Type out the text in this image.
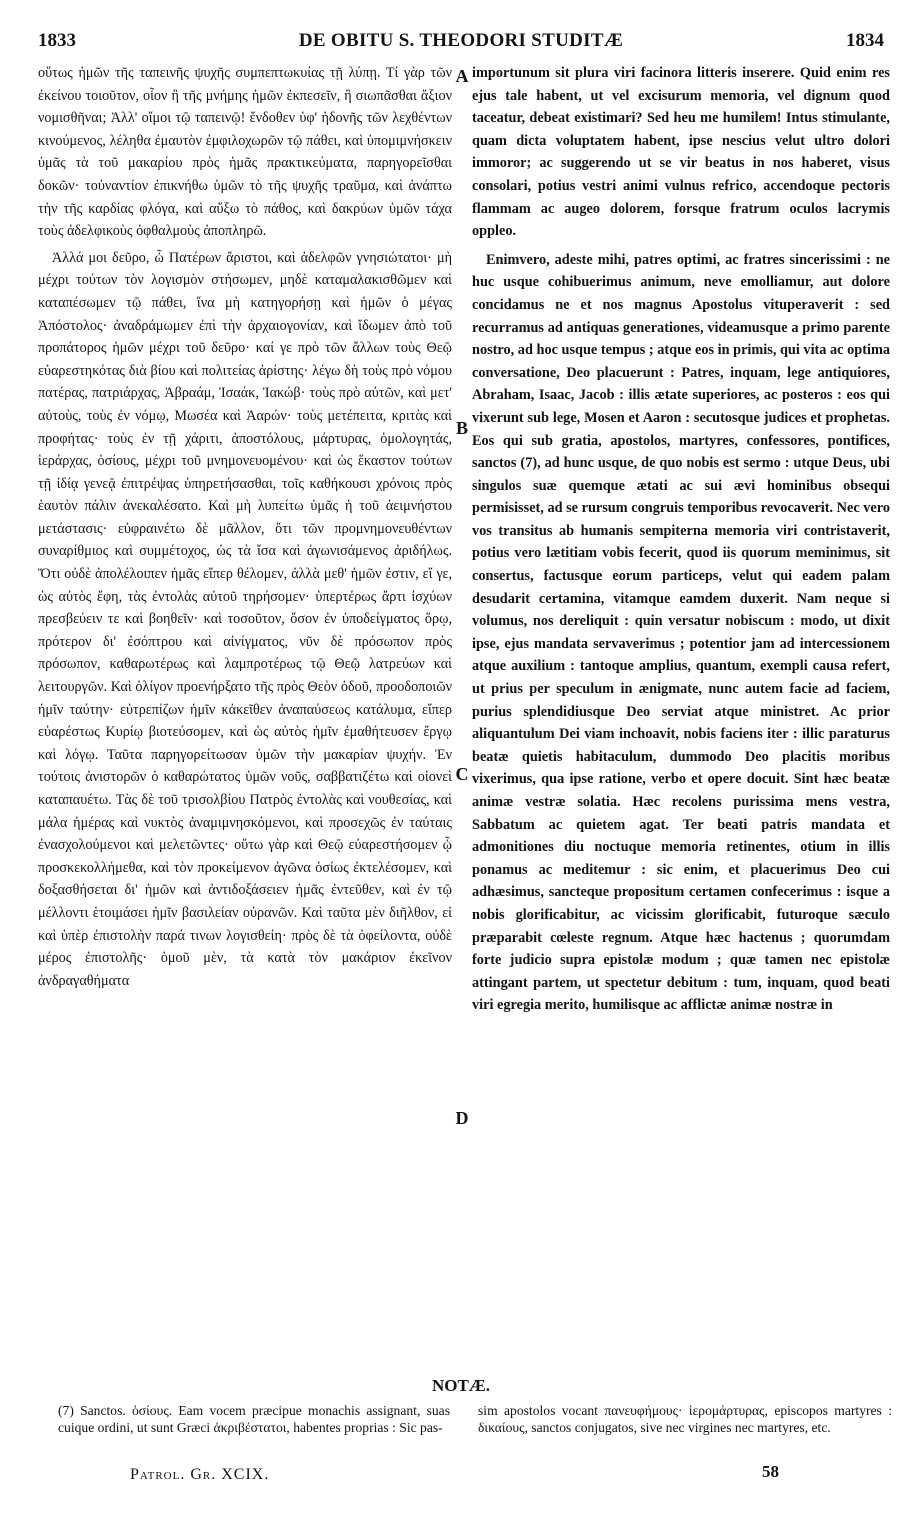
1833	DE OBITU S. THEODORI STUDITÆ	1834

οὕτως ἡμῶν τῆς ταπεινῆς ψυχῆς συμπεπτωκυίας τῇ λύπῃ. Τί γὰρ τῶν ἐκείνου τοιοῦτον, οἷον ἢ τῆς μνήμης ἡμῶν ἐκπεσεῖν, ἢ σιωπᾶσθαι ἄξιον νομισθῆναι; Ἀλλ' οἴμοι τῷ ταπεινῷ! ἔνδοθεν ὑφ' ἡδονῆς τῶν λεχθέντων κινούμενος, λέληθα ἐμαυτὸν ἐμφιλοχωρῶν τῷ πάθει, καὶ ὑπομιμνήσκειν ὑμᾶς τὰ τοῦ μακαρίου πρὸς ἡμᾶς πρακτικεύματα, παρηγορεῖσθαι δοκῶν· τοὐναντίον ἐπικνήθω ὑμῶν τὸ τῆς ψυχῆς τραῦμα, καὶ ἀνάπτω τὴν τῆς καρδίας φλόγα, καὶ αὔξω τὸ πάθος, καὶ δακρύων ὑμῶν τάχα τοὺς ἀδελφικοὺς ὀφθαλμοὺς ἀποπληρῶ.

Ἀλλά μοι δεῦρο, ὦ Πατέρων ἄριστοι, καὶ ἀδελφῶν γνησιώτατοι· μὴ μέχρι τούτων τὸν λογισμὸν στήσωμεν, μηδὲ καταμαλακισθῶμεν καὶ καταπέσωμεν τῷ πάθει, ἵνα μὴ κατηγορήσῃ καὶ ἡμῶν ὁ μέγας Ἀπόστολος· ἀναδράμωμεν ἐπὶ τὴν ἀρχαιογονίαν, καὶ ἴδωμεν ἀπὸ τοῦ προπάτορος ἡμῶν μέχρι τοῦ δεῦρο· καί γε πρὸ τῶν ἄλλων τοὺς Θεῷ εὐαρεστηκότας διὰ βίου καὶ πολιτείας ἀρίστης· λέγω δὴ τοὺς πρὸ νόμου πατέρας, πατριάρχας, Ἀβραάμ, Ἰσαάκ, Ἰακώβ· τοὺς πρὸ αὐτῶν, καὶ μετ' αὐτοὺς, τοὺς ἐν νόμῳ, Μωσέα καὶ Ἀαρών· τοὺς μετέπειτα, κριτὰς καὶ προφήτας· τοὺς ἐν τῇ χάριτι, ἀποστόλους, μάρτυρας, ὁμολογητάς, ἱεράρχας, ὁσίους, μέχρι τοῦ μνημονευομένου· καὶ ὡς ἕκαστον τούτων τῇ ἰδίᾳ γενεᾷ ἐπιτρέψας ὑπηρετήσασθαι, τοῖς καθήκουσι χρόνοις πρὸς ἑαυτὸν πάλιν ἀνεκαλέσατο. Καὶ μὴ λυπείτω ὑμᾶς ἡ τοῦ ἀειμνήστου μετάστασις· εὐφραινέτω δὲ μᾶλλον, ὅτι τῶν προμνημονευθέντων συναρίθμιος καὶ συμμέτοχος, ὡς τὰ ἴσα καὶ ἀγωνισάμενος ἀριδήλως. Ὅτι οὐδὲ ἀπολέλοιπεν ἡμᾶς εἴπερ θέλομεν, ἀλλὰ μεθ' ἡμῶν ἐστιν, εἴ γε, ὡς αὐτὸς ἔφη, τὰς ἐντολὰς αὐτοῦ τηρήσομεν· ὑπερτέρως ἄρτι ἰσχύων πρεσβεύειν τε καὶ βοηθεῖν· καὶ τοσοῦτον, ὅσον ἐν ὑποδείγματος ὅρῳ, πρότερον δι' ἐσόπτρου καὶ αἰνίγματος, νῦν δὲ πρόσωπον πρὸς πρόσωπον, καθαρωτέρως καὶ λαμπροτέρως τῷ Θεῷ λατρεύων καὶ λειτουργῶν. Καὶ ὀλίγον προενήρξατο τῆς πρὸς Θεὸν ὁδοῦ, προοδοποιῶν ἡμῖν ταύτην· εὐτρεπίζων ἡμῖν κἀκεῖθεν ἀναπαύσεως κατάλυμα, εἴπερ εὐαρέστως Κυρίῳ βιοτεύσομεν, καὶ ὡς αὐτὸς ἡμῖν ἐμαθήτευσεν ἔργῳ καὶ λόγῳ. Ταῦτα παρηγορείτωσαν ὑμῶν τὴν μακαρίαν ψυχήν. Ἐν τούτοις ἀνιστορῶν ὁ καθαρώτατος ὑμῶν νοῦς, σαββατιζέτω καὶ οἱονεὶ καταπαυέτω. Τὰς δὲ τοῦ τρισολβίου Πατρὸς ἐντολὰς καὶ νουθεσίας, καὶ μάλα ἡμέρας καὶ νυκτὸς ἀναμιμνησκόμενοι, καὶ προσεχῶς ἐν ταύταις ἐνασχολούμενοι καὶ μελετῶντες· οὕτω γὰρ καὶ Θεῷ εὐαρεστήσομεν ᾧ προσκεκολλήμεθα, καὶ τὸν προκείμενον ἀγῶνα ὁσίως ἐκτελέσομεν, καὶ δοξασθήσεται δι' ἡμῶν καὶ ἀντιδοξάσειεν ἡμᾶς ἐντεῦθεν, καὶ ἐν τῷ μέλλοντι ἑτοιμάσει ἡμῖν βασιλείαν οὐρανῶν. Καὶ ταῦτα μὲν διῆλθον, εἰ καὶ ὑπὲρ ἐπιστολὴν παρά τινων λογισθείη· πρὸς δὲ τὰ ὀφείλοντα, οὐδὲ μέρος ἐπιστολῆς· ὁμοῦ μὲν, τὰ κατὰ τὸν μακάριον ἐκεῖνον ἀνδραγαθήματα

A
B
C
D

importunum sit plura viri facinora litteris inserere. Quid enim res ejus tale habent, ut vel excisurum memoria, vel dignum quod taceatur, debeat existimari? Sed heu me humilem! Intus stimulante, quam dicta voluptatem habent, ipse nescius velut ultro dolori immoror; ac suggerendo ut se vir beatus in nos haberet, visus consolari, potius vestri animi vulnus refrico, accendoque pectoris flammam ac augeo dolorem, forsque fratrum oculos lacrymis oppleo.

Enimvero, adeste mihi, patres optimi, ac fratres sincerissimi : ne huc usque cohibuerimus animum, neve emolliamur, aut dolore concidamus ne et nos magnus Apostolus vituperaverit : sed recurramus ad antiquas generationes, videamusque a primo parente nostro, ad hoc usque tempus ; atque eos in primis, qui vita ac optima conversatione, Deo placuerunt : Patres, inquam, lege antiquiores, Abraham, Isaac, Jacob : illis ætate superiores, ac posteros : eos qui vixerunt sub lege, Mosen et Aaron : secutosque judices et prophetas. Eos qui sub gratia, apostolos, martyres, confessores, pontifices, sanctos (7), ad hunc usque, de quo nobis est sermo : utque Deus, ubi singulos suæ quemque ætati ac sui ævi hominibus obsequi permisisset, ad se rursum congruis temporibus revocaverit. Nec vero vos transitus ab humanis sempiterna memoria viri contristaverit, potius vero lætitiam vobis fecerit, quod iis quorum meminimus, sit consertus, factusque eorum particeps, velut qui eadem palam desudarit certamina, vitamque eamdem duxerit. Nam neque si volumus, nos dereliquit : quin versatur nobiscum : modo, ut dixit ipse, ejus mandata servaverimus ; potentior jam ad intercessionem atque auxilium : tantoque amplius, quantum, exempli causa refert, ut prius per speculum in ænigmate, nunc autem facie ad faciem, purius splendidiusque Deo serviat atque ministret. Ac prior aliquantulum Dei viam inchoavit, nobis faciens iter : illic paraturus beatæ quietis habitaculum, dummodo Deo placitis moribus vixerimus, qua ipse ratione, verbo et opere docuit. Sint hæc beatæ animæ vestræ solatia. Hæc recolens purissima mens vestra, Sabbatum ac quietem agat. Ter beati patris mandata et admonitiones diu noctuque memoria retinentes, otium in illis ponamus ac meditemur : sic enim, et placuerimus Deo cui adhæsimus, sancteque propositum certamen confecerimus : isque a nobis glorificabitur, ac vicissim glorificabit, futuroque sæculo præparabit cœleste regnum. Atque hæc hactenus ; quorumdam forte judicio supra epistolæ modum ; quæ tamen nec epistolæ attingant partem, ut spectetur debitum : tum, inquam, quod beati viri egregia merito, humilisque ac afflictæ animæ nostræ in

NOTÆ.

(7) Sanctos. ὁσίους. Eam vocem præcipue monachis assignant, suas cuique ordini, ut sunt Græci ἀκριβέστατοι, habentes proprias : Sic pas-

sim apostolos vocant πανευφήμους· ἱερομάρτυρας, episcopos martyres : δικαίους, sanctos conjugatos, sive nec virgines nec martyres, etc.

Patrol. Gr. XCIX.	58
